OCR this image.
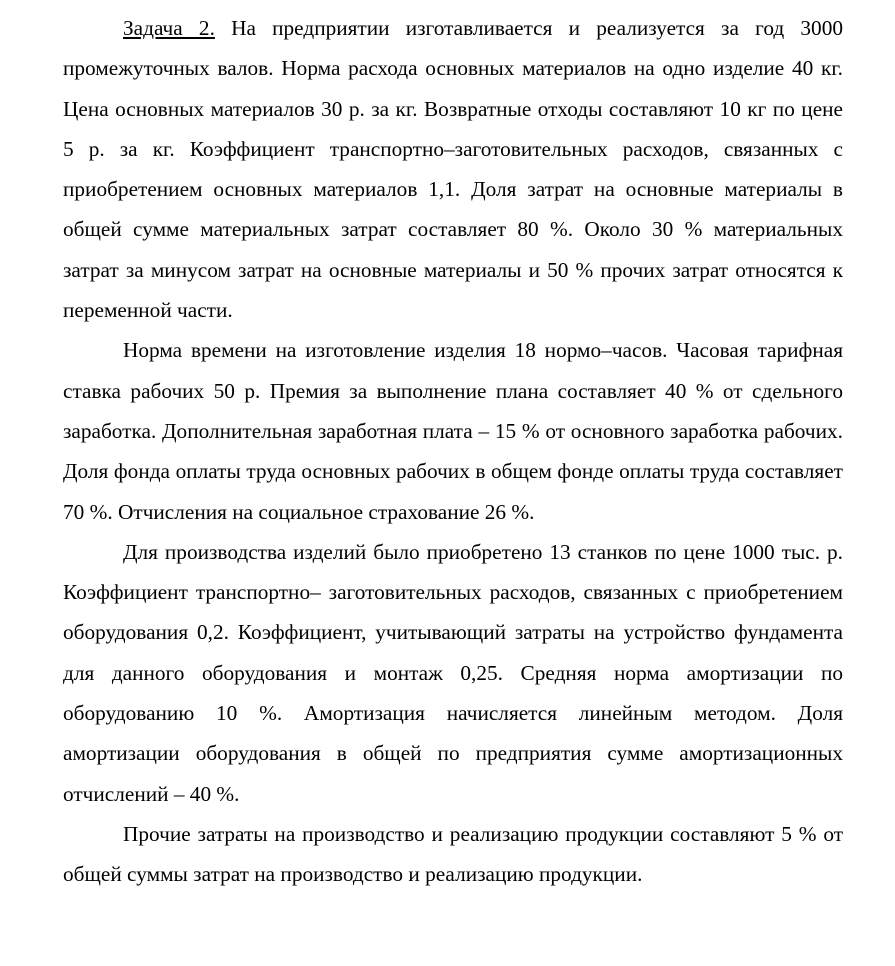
Задача 2. На предприятии изготавливается и реализуется за год 3000 промежуточных валов. Норма расхода основных материалов на одно изделие 40 кг. Цена основных материалов 30 р. за кг. Возвратные отходы составляют 10 кг по цене 5 р. за кг. Коэффициент транспортно–заготовительных расходов, связанных с приобретением основных материалов 1,1. Доля затрат на основные материалы в общей сумме материальных затрат составляет 80 %. Около 30 % материальных затрат за минусом затрат на основные материалы и 50 % прочих затрат относятся к переменной части.

Норма времени на изготовление изделия 18 нормо–часов. Часовая тарифная ставка рабочих 50 р. Премия за выполнение плана составляет 40 % от сдельного заработка. Дополнительная заработная плата – 15 % от основного заработка рабочих. Доля фонда оплаты труда основных рабочих в общем фонде оплаты труда составляет 70 %. Отчисления на социальное страхование 26 %.

Для производства изделий было приобретено 13 станков по цене 1000 тыс. р. Коэффициент транспортно– заготовительных расходов, связанных с приобретением оборудования 0,2. Коэффициент, учитывающий затраты на устройство фундамента для данного оборудования и монтаж 0,25. Средняя норма амортизации по оборудованию 10 %. Амортизация начисляется линейным методом. Доля амортизации оборудования в общей по предприятия сумме амортизационных отчислений – 40 %.

Прочие затраты на производство и реализацию продукции составляют 5 % от общей суммы затрат на производство и реализацию продукции.
